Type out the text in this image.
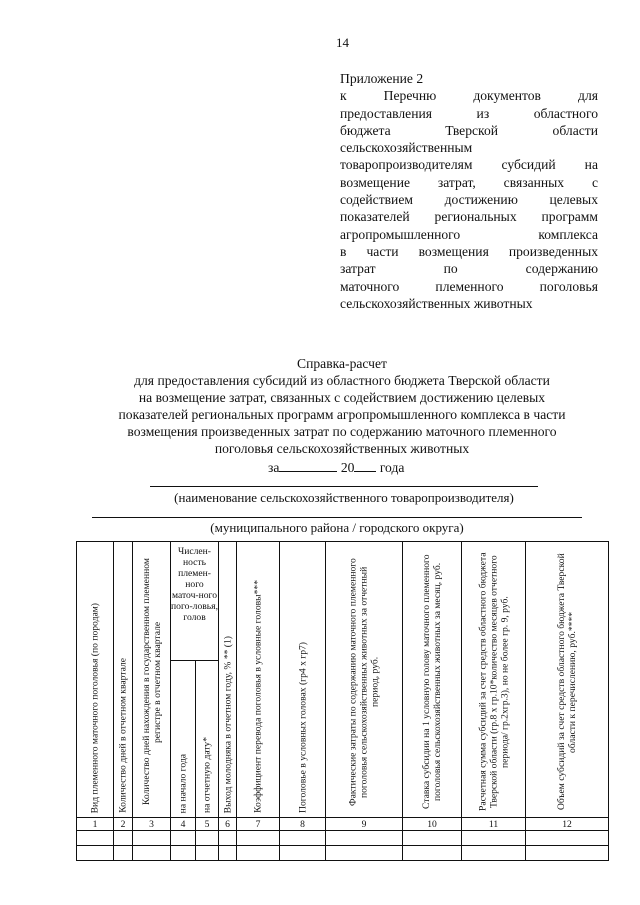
14
Приложение 2
к Перечню документов для
предоставления из областного
бюджета Тверской области
сельскохозяйственным
товаропроизводителям субсидий на
возмещение затрат, связанных с
содействием достижению целевых
показателей региональных программ
агропромышленного комплекса
в части возмещения произведенных
затрат по содержанию
маточного племенного поголовья
сельскохозяйственных животных
Справка-расчет
для предоставления субсидий из областного бюджета Тверской области
на возмещение затрат, связанных с содействием достижению целевых
показателей региональных программ агропромышленного комплекса в части
возмещения произведенных затрат по содержанию маточного племенного
поголовья сельскохозяйственных животных
за	20 года
(наименование сельскохозяйственного товаропроизводителя)
(муниципального района / городского округа)
Вид племенного маточного поголовья (по породам)	Количество дней в отчетном квартале	Количество дней нахождения в государственном племенном регистре в отчетном квартале	Числен-ность племен-ного маточ-ного пого-ловья, голов		Выход молодняка в отчетном году, % ** (1)	Коэффициент перевода поголовья в условные головы***	Поголовье в условных головах (гр4 х гр7)	Фактические затраты по содержанию маточного племенного поголовья сельскохозяйственных животных за отчетный период, руб.	Ставка субсидии на 1 условную голову маточного племенного поголовья сельскохозяйственных животных за месяц, руб.	Расчетная сумма субсидий за счет средств областного бюджета Тверской области (гр.8 х гр.10*количество месяцев отчетного периода/ гр.2хгр.3), но не более гр. 9, руб.	Объем субсидий за счет средств областного бюджета Тверской области к перечислению, руб.****

			на начало года	на отчетную дату*							

1	2	3	4	5	6	7	8	9	10	11	12
